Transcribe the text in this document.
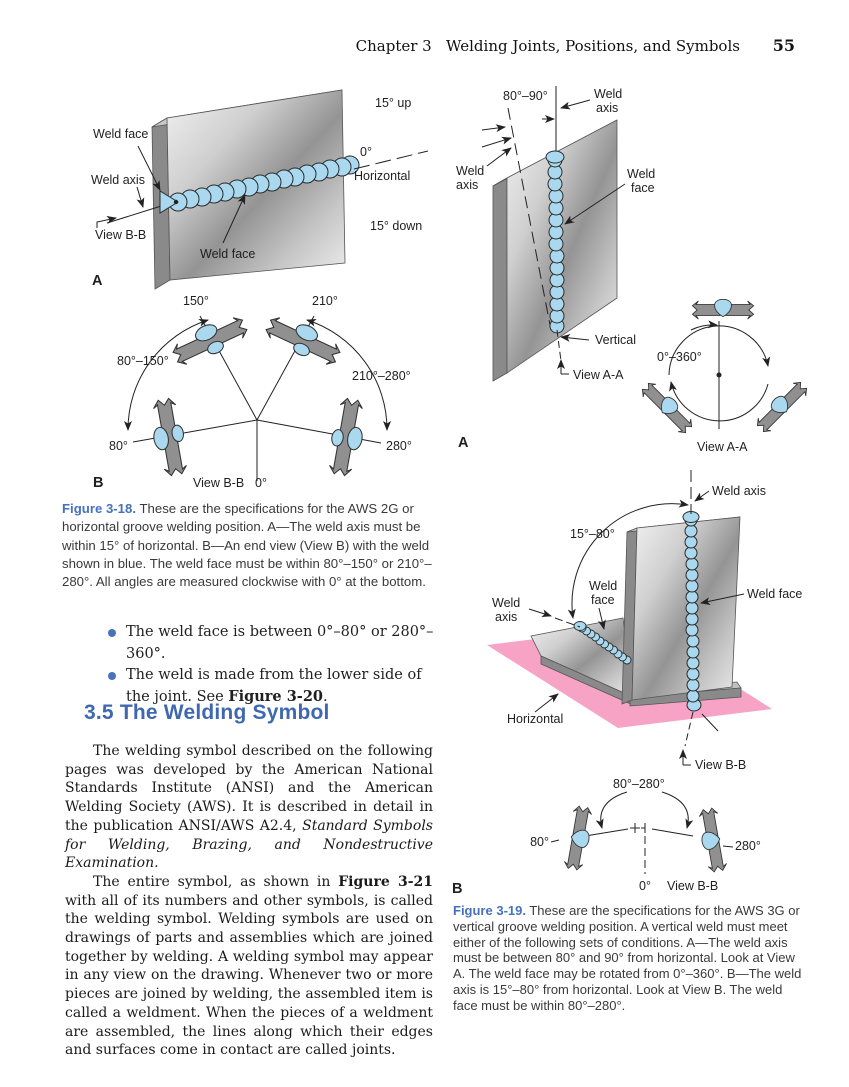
Chapter 3 Welding Joints, Positions, and Symbols 55
Weld face
Weld axis
View B-B
15° up
0°
Horizontal
15° down
Weld face
A
150°	210°
80°–150°
210°–280°
80°	280°
View B-B 0°
B
Figure 3-18. These are the specifications for the AWS 2G or horizontal groove welding position. A—The weld axis must be within 15° of horizontal. B—An end view (View B) with the weld shown in blue. The weld face must be within 80°–150° or 210°–280°. All angles are measured clockwise with 0° at the bottom.
The weld face is between 0°–80° or 280°–360°.
The weld is made from the lower side of the joint. See Figure 3-20.
3.5 The Welding Symbol

The welding symbol described on the following pages was developed by the American National Standards Institute (ANSI) and the American Welding Society (AWS). It is described in detail in the publication ANSI/AWS A2.4, Standard Symbols for Welding, Brazing, and Nondestructive Examination.

The entire symbol, as shown in Figure 3-21 with all of its numbers and other symbols, is called the welding symbol. Welding symbols are used on drawings of parts and assemblies which are joined together by welding. A welding symbol may appear in any view on the drawing. Whenever two or more pieces are joined by welding, the assembled item is called a weldment. When the pieces of a weldment are assembled, the lines along which their edges and surfaces come in contact are called joints.

80°–90°	Weld
axis
Weld
axis
Weld
face
Vertical
View A-A
A
0°–360°
View A-A
Weld axis
15°–80°
Weld
face
Weld
axis
Weld face
Horizontal
View B-B
80°–280°
80°	280°
0° View B-B
B
Figure 3-19. These are the specifications for the AWS 3G or vertical groove welding position. A vertical weld must meet either of the following sets of conditions. A—The weld axis must be between 80° and 90° from horizontal. Look at View A. The weld face may be rotated from 0°–360°. B—The weld axis is 15°–80° from horizontal. Look at View B. The weld face must be within 80°–280°.
